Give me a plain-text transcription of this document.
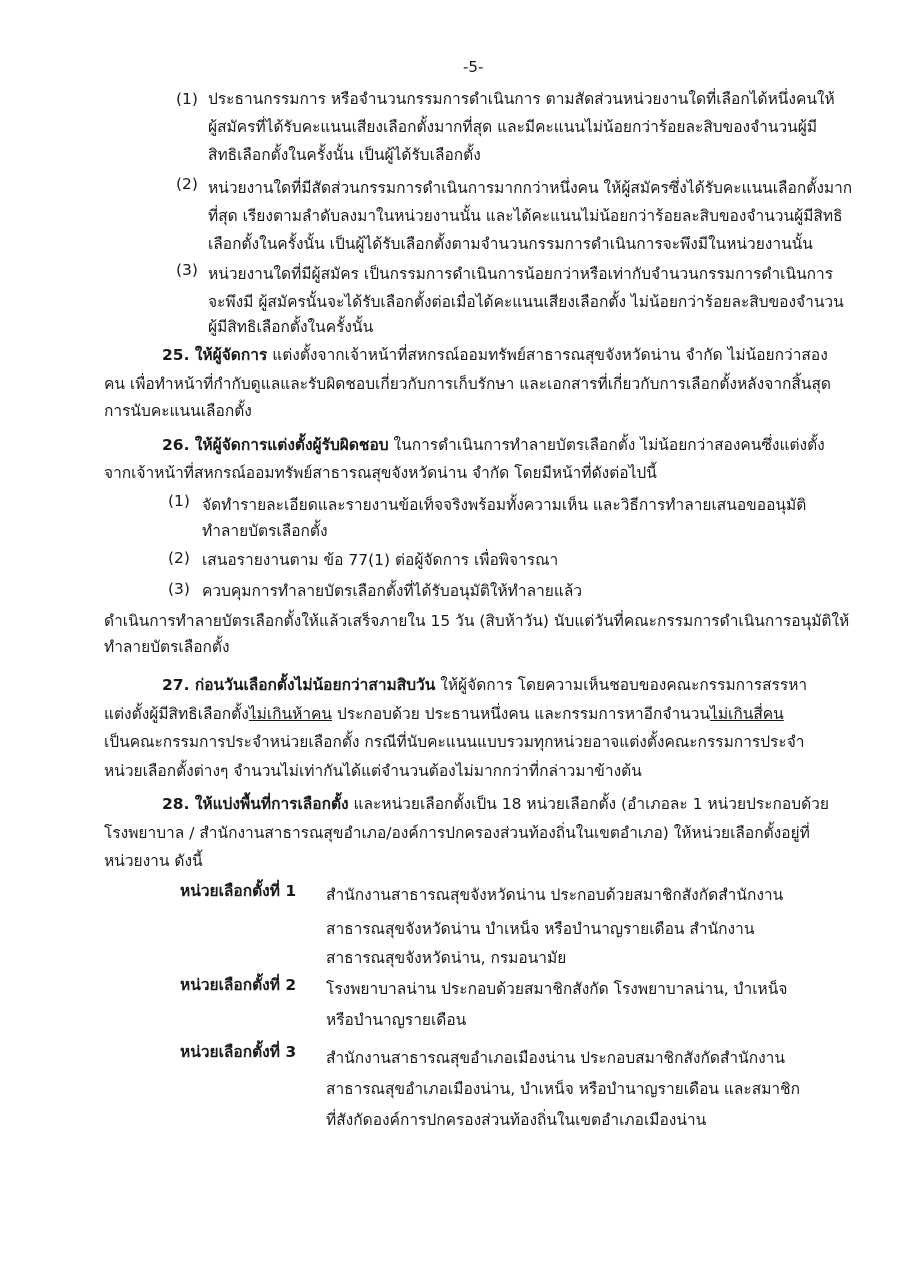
-5-
(1) ประธานกรรมการ หรือจำนวนกรรมการดำเนินการ ตามสัดส่วนหน่วยงานใดที่เลือกได้หนึ่งคนให้
ผู้สมัครที่ได้รับคะแนนเสียงเลือกตั้งมากที่สุด และมีคะแนนไม่น้อยกว่าร้อยละสิบของจำนวนผู้มี
สิทธิเลือกตั้งในครั้งนั้น เป็นผู้ได้รับเลือกตั้ง
(2) หน่วยงานใดที่มีสัดส่วนกรรมการดำเนินการมากกว่าหนึ่งคน ให้ผู้สมัครซึ่งได้รับคะแนนเลือกตั้งมาก
ที่สุด เรียงตามลำดับลงมาในหน่วยงานนั้น และได้คะแนนไม่น้อยกว่าร้อยละสิบของจำนวนผู้มีสิทธิ
เลือกตั้งในครั้งนั้น เป็นผู้ได้รับเลือกตั้งตามจำนวนกรรมการดำเนินการจะพึงมีในหน่วยงานนั้น
(3) หน่วยงานใดที่มีผู้สมัคร เป็นกรรมการดำเนินการน้อยกว่าหรือเท่ากับจำนวนกรรมการดำเนินการ
จะพึงมี ผู้สมัครนั้นจะได้รับเลือกตั้งต่อเมื่อได้คะแนนเสียงเลือกตั้ง ไม่น้อยกว่าร้อยละสิบของจำนวน
ผู้มีสิทธิเลือกตั้งในครั้งนั้น
25. ให้ผู้จัดการ แต่งตั้งจากเจ้าหน้าที่สหกรณ์ออมทรัพย์สาธารณสุขจังหวัดน่าน จำกัด ไม่น้อยกว่าสอง
คน เพื่อทำหน้าที่กำกับดูแลและรับผิดชอบเกี่ยวกับการเก็บรักษา และเอกสารที่เกี่ยวกับการเลือกตั้งหลังจากสิ้นสุด
การนับคะแนนเลือกตั้ง
26. ให้ผู้จัดการแต่งตั้งผู้รับผิดชอบ ในการดำเนินการทำลายบัตรเลือกตั้ง ไม่น้อยกว่าสองคนซึ่งแต่งตั้ง
จากเจ้าหน้าที่สหกรณ์ออมทรัพย์สาธารณสุขจังหวัดน่าน จำกัด โดยมีหน้าที่ดังต่อไปนี้
(1) จัดทำรายละเอียดและรายงานข้อเท็จจริงพร้อมทั้งความเห็น และวิธีการทำลายเสนอขออนุมัติ
ทำลายบัตรเลือกตั้ง
(2) เสนอรายงานตาม ข้อ 77(1) ต่อผู้จัดการ เพื่อพิจารณา
(3) ควบคุมการทำลายบัตรเลือกตั้งที่ได้รับอนุมัติให้ทำลายแล้ว
ดำเนินการทำลายบัตรเลือกตั้งให้แล้วเสร็จภายใน 15 วัน (สิบห้าวัน) นับแต่วันที่คณะกรรมการดำเนินการอนุมัติให้
ทำลายบัตรเลือกตั้ง
27. ก่อนวันเลือกตั้งไม่น้อยกว่าสามสิบวัน ให้ผู้จัดการ โดยความเห็นชอบของคณะกรรมการสรรหา
แต่งตั้งผู้มีสิทธิเลือกตั้งไม่เกินห้าคน ประกอบด้วย ประธานหนึ่งคน และกรรมการหาอีกจำนวนไม่เกินสี่คน
เป็นคณะกรรมการประจำหน่วยเลือกตั้ง กรณีที่นับคะแนนแบบรวมทุกหน่วยอาจแต่งตั้งคณะกรรมการประจำ
หน่วยเลือกตั้งต่างๆ จำนวนไม่เท่ากันได้แต่จำนวนต้องไม่มากกว่าที่กล่าวมาข้างต้น
28. ให้แบ่งพื้นที่การเลือกตั้ง และหน่วยเลือกตั้งเป็น 18 หน่วยเลือกตั้ง (อำเภอละ 1 หน่วยประกอบด้วย
โรงพยาบาล / สำนักงานสาธารณสุขอำเภอ/องค์การปกครองส่วนท้องถิ่นในเขตอำเภอ) ให้หน่วยเลือกตั้งอยู่ที่
หน่วยงาน ดังนี้
หน่วยเลือกตั้งที่ 1 สำนักงานสาธารณสุขจังหวัดน่าน ประกอบด้วยสมาชิกสังกัดสำนักงาน
สาธารณสุขจังหวัดน่าน บำเหน็จ หรือบำนาญรายเดือน สำนักงาน
สาธารณสุขจังหวัดน่าน, กรมอนามัย
หน่วยเลือกตั้งที่ 2 โรงพยาบาลน่าน ประกอบด้วยสมาชิกสังกัด โรงพยาบาลน่าน, บำเหน็จ
หรือบำนาญรายเดือน
หน่วยเลือกตั้งที่ 3 สำนักงานสาธารณสุขอำเภอเมืองน่าน ประกอบสมาชิกสังกัดสำนักงาน
สาธารณสุขอำเภอเมืองน่าน, บำเหน็จ หรือบำนาญรายเดือน และสมาชิก
ที่สังกัดองค์การปกครองส่วนท้องถิ่นในเขตอำเภอเมืองน่าน
